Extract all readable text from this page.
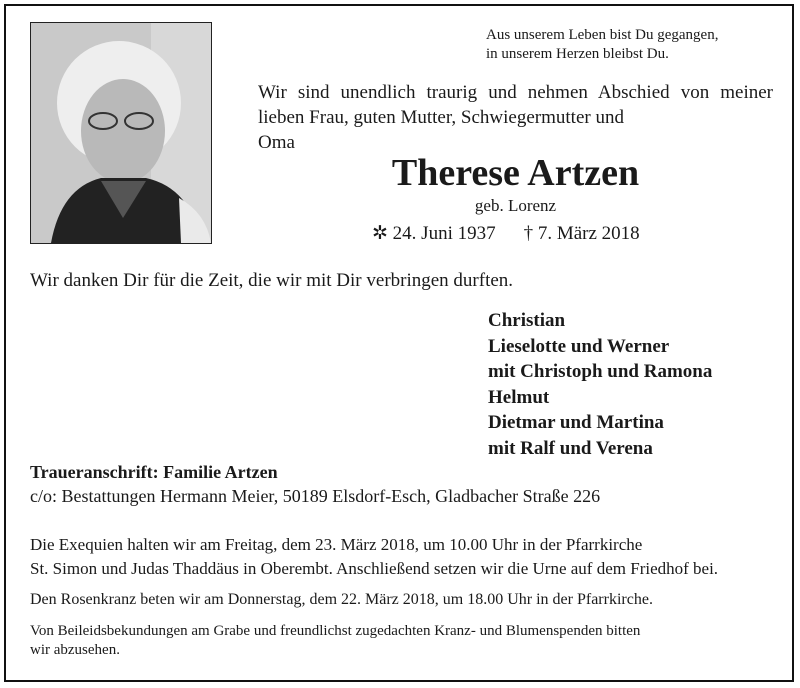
Aus unserem Leben bist Du gegangen,
in unserem Herzen bleibst Du.
Wir sind unendlich traurig und nehmen Abschied von meiner lieben Frau, guten Mutter, Schwiegermutter und
Oma
Therese Artzen
geb. Lorenz
✲ 24. Juni 1937 † 7. März 2018
Wir danken Dir für die Zeit, die wir mit Dir verbringen durften.
Christian
Lieselotte und Werner
mit Christoph und Ramona
Helmut
Dietmar und Martina
mit Ralf und Verena
Traueranschrift: Familie Artzen
c/o: Bestattungen Hermann Meier, 50189 Elsdorf-Esch, Gladbacher Straße 226
Die Exequien halten wir am Freitag, dem 23. März 2018, um 10.00 Uhr in der Pfarrkirche
St. Simon und Judas Thaddäus in Oberembt. Anschließend setzen wir die Urne auf dem Friedhof bei.
Den Rosenkranz beten wir am Donnerstag, dem 22. März 2018, um 18.00 Uhr in der Pfarrkirche.
Von Beileidsbekundungen am Grabe und freundlichst zugedachten Kranz- und Blumenspenden bitten
wir abzusehen.
